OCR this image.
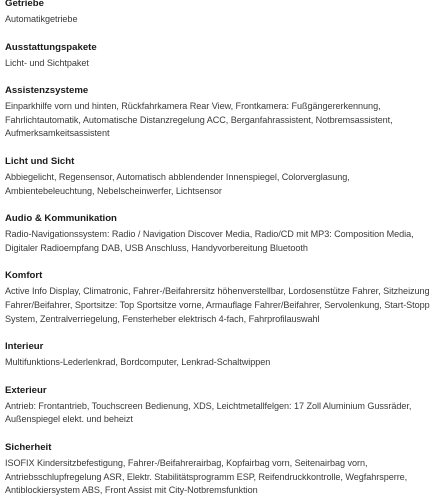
Getriebe

Automatikgetriebe

Ausstattungspakete

Licht- und Sichtpaket

Assistenzsysteme

Einparkhilfe vorn und hinten, Rückfahrkamera Rear View, Frontkamera: Fußgängererkennung, Fahrlichtautomatik, Automatische Distanzregelung ACC, Berganfahrassistent, Notbremsassistent, Aufmerksamkeitsassistent

Licht und Sicht

Abbiegelicht, Regensensor, Automatisch abblendender Innenspiegel, Colorverglasung, Ambientebeleuchtung, Nebelscheinwerfer, Lichtsensor

Audio & Kommunikation

Radio-Navigationssystem: Radio / Navigation Discover Media, Radio/CD mit MP3: Composition Media, Digitaler Radioempfang DAB, USB Anschluss, Handyvorbereitung Bluetooth

Komfort

Active Info Display, Climatronic, Fahrer-/Beifahrersitz höhenverstellbar, Lordosenstütze Fahrer, Sitzheizung Fahrer/Beifahrer, Sportsitze: Top Sportsitze vorne, Armauflage Fahrer/Beifahrer, Servolenkung, Start-Stopp System, Zentralverriegelung, Fensterheber elektrisch 4-fach, Fahrprofilauswahl

Interieur

Multifunktions-Lederlenkrad, Bordcomputer, Lenkrad-Schaltwippen

Exterieur

Antrieb: Frontantrieb, Touchscreen Bedienung, XDS, Leichtmetallfelgen: 17 Zoll Aluminium Gussräder, Außenspiegel elekt. und beheizt

Sicherheit

ISOFIX Kindersitzbefestigung, Fahrer-/Beifahrerairbag, Kopfairbag vorn, Seitenairbag vorn, Antriebsschlupfregelung ASR, Elektr. Stabilitätsprogramm ESP, Reifendruckkontrolle, Wegfahrsperre, Antiblockiersystem ABS, Front Assist mit City-Notbremsfunktion
